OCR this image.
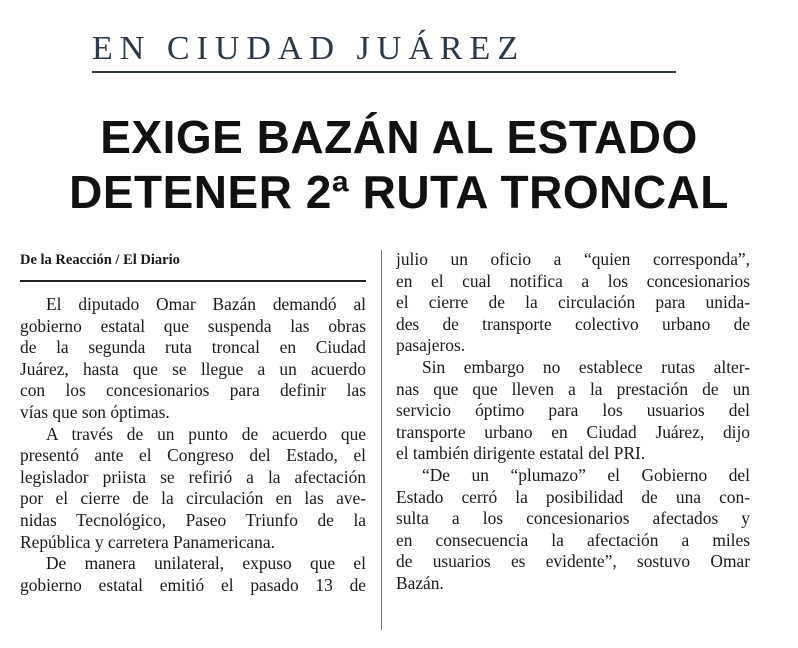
EN CIUDAD JUÁREZ
EXIGE BAZÁN AL ESTADO
DETENER 2ª RUTA TRONCAL
De la Reacción / El Diario
El diputado Omar Bazán demandó al
gobierno estatal que suspenda las obras
de la segunda ruta troncal en Ciudad
Juárez, hasta que se llegue a un acuerdo
con los concesionarios para definir las
vías que son óptimas.
A través de un punto de acuerdo que
presentó ante el Congreso del Estado, el
legislador priista se refirió a la afectación
por el cierre de la circulación en las ave-
nidas Tecnológico, Paseo Triunfo de la
República y carretera Panamericana.
De manera unilateral, expuso que el
gobierno estatal emitió el pasado 13 de
julio un oficio a “quien corresponda”,
en el cual notifica a los concesionarios
el cierre de la circulación para unida-
des de transporte colectivo urbano de
pasajeros.
Sin embargo no establece rutas alter-
nas que que lleven a la prestación de un
servicio óptimo para los usuarios del
transporte urbano en Ciudad Juárez, dijo
el también dirigente estatal del PRI.
“De un “plumazo” el Gobierno del
Estado cerró la posibilidad de una con-
sulta a los concesionarios afectados y
en consecuencia la afectación a miles
de usuarios es evidente”, sostuvo Omar
Bazán.
